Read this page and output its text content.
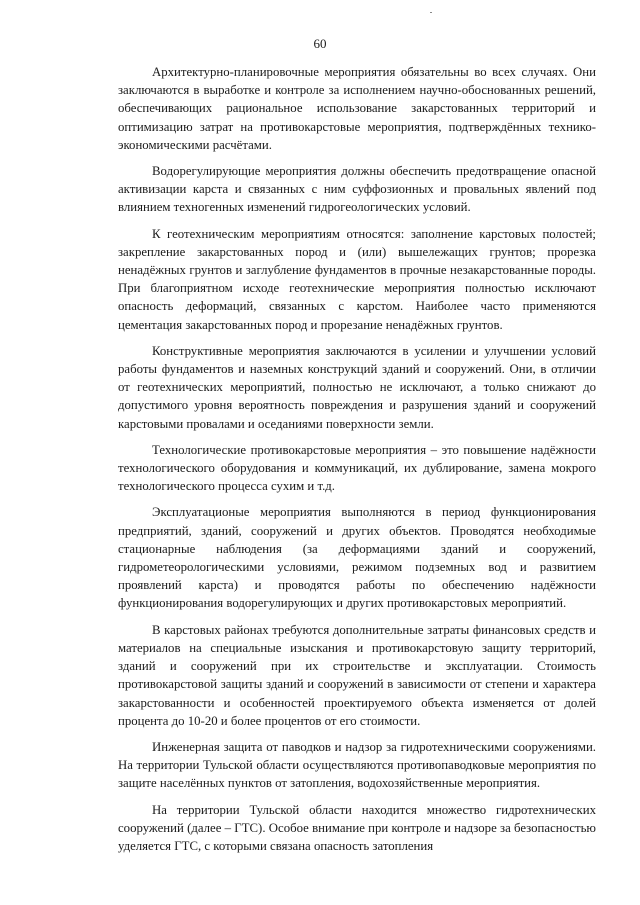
60

Архитектурно-планировочные мероприятия обязательны во всех случаях. Они заключаются в выработке и контроле за исполнением научно-обоснованных решений, обеспечивающих рациональное использование закарстованных территорий и оптимизацию затрат на противокарстовые мероприятия, подтверждённых технико-экономическими расчётами.

Водорегулирующие мероприятия должны обеспечить предотвращение опасной активизации карста и связанных с ним суффозионных и провальных явлений под влиянием техногенных изменений гидрогеологических условий.

К геотехническим мероприятиям относятся: заполнение карстовых полостей; закрепление закарстованных пород и (или) вышележащих грунтов; прорезка ненадёжных грунтов и заглубление фундаментов в прочные незакарстованные породы. При благоприятном исходе геотехнические мероприятия полностью исключают опасность деформаций, связанных с карстом. Наиболее часто применяются цементация закарстованных пород и прорезание ненадёжных грунтов.

Конструктивные мероприятия заключаются в усилении и улучшении условий работы фундаментов и наземных конструкций зданий и сооружений. Они, в отличии от геотехнических мероприятий, полностью не исключают, а только снижают до допустимого уровня вероятность повреждения и разрушения зданий и сооружений карстовыми провалами и оседаниями поверхности земли.

Технологические противокарстовые мероприятия – это повышение надёжности технологического оборудования и коммуникаций, их дублирование, замена мокрого технологического процесса сухим и т.д.

Эксплуатационые мероприятия выполняются в период функционирования предприятий, зданий, сооружений и других объектов. Проводятся необходимые стационарные наблюдения (за деформациями зданий и сооружений, гидрометеорологическими условиями, режимом подземных вод и развитием проявлений карста) и проводятся работы по обеспечению надёжности функционирования водорегулирующих и других противокарстовых мероприятий.

В карстовых районах требуются дополнительные затраты финансовых средств и материалов на специальные изыскания и противокарстовую защиту территорий, зданий и сооружений при их строительстве и эксплуатации. Стоимость противокарстовой защиты зданий и сооружений в зависимости от степени и характера закарстованности и особенностей проектируемого объекта изменяется от долей процента до 10-20 и более процентов от его стоимости.

Инженерная защита от паводков и надзор за гидротехническими сооружениями. На территории Тульской области осуществляются противопаводковые мероприятия по защите населённых пунктов от затопления, водохозяйственные мероприятия.

На территории Тульской области находится множество гидротехнических сооружений (далее – ГТС). Особое внимание при контроле и надзоре за безопасностью уделяется ГТС, с которыми связана опасность затопления
